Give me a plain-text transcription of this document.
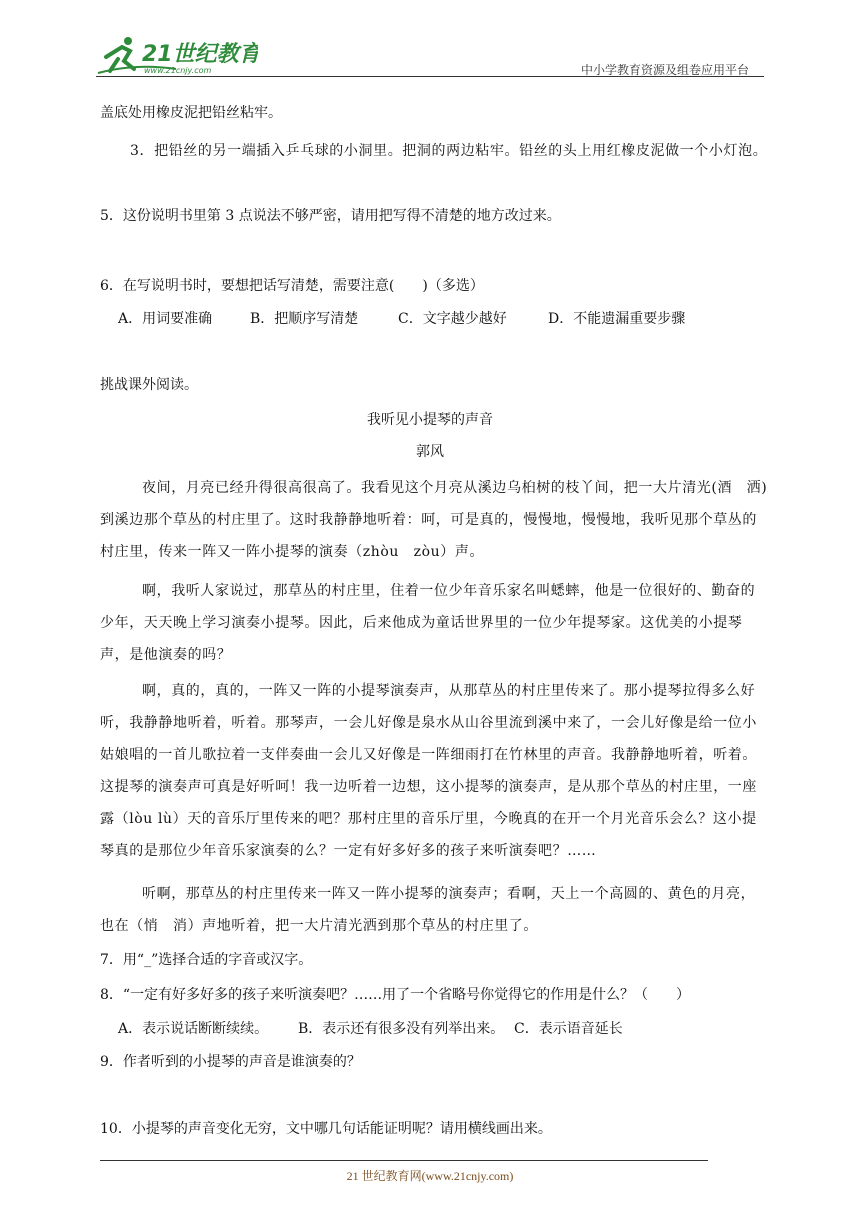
21世纪教育
www.21cnjy.com	中小学教育资源及组卷应用平台
盖底处用橡皮泥把铅丝粘牢。
3．把铅丝的另一端插入乒乓球的小洞里。把洞的两边粘牢。铅丝的头上用红橡皮泥做一个小灯泡。
5．这份说明书里第 3 点说法不够严密，请用把写得不清楚的地方改过来。
6．在写说明书时，要想把话写清楚，需要注意(　　)（多选）
A．用词要准确	B．把顺序写清楚	C．文字越少越好	D．不能遗漏重要步骤
挑战课外阅读。
我听见小提琴的声音
郭风
夜间，月亮已经升得很高很高了。我看见这个月亮从溪边乌桕树的枝丫间，把一大片清光(酒　洒)到溪边那个草丛的村庄里了。这时我静静地听着：呵，可是真的，慢慢地，慢慢地，我听见那个草丛的村庄里，传来一阵又一阵小提琴的演奏（zhòu　zòu）声。
啊，我听人家说过，那草丛的村庄里，住着一位少年音乐家名叫蟋蟀，他是一位很好的、勤奋的少年，天天晚上学习演奏小提琴。因此，后来他成为童话世界里的一位少年提琴家。这优美的小提琴声，是他演奏的吗？
啊，真的，真的，一阵又一阵的小提琴演奏声，从那草丛的村庄里传来了。那小提琴拉得多么好听，我静静地听着，听着。那琴声，一会儿好像是泉水从山谷里流到溪中来了，一会儿好像是给一位小姑娘唱的一首儿歌拉着一支伴奏曲一会儿又好像是一阵细雨打在竹林里的声音。我静静地听着，听着。这提琴的演奏声可真是好听呵！我一边听着一边想，这小提琴的演奏声，是从那个草丛的村庄里，一座露（lòu lù）天的音乐厅里传来的吧？那村庄里的音乐厅里，今晚真的在开一个月光音乐会么？这小提琴真的是那位少年音乐家演奏的么？一定有好多好多的孩子来听演奏吧？……
听啊，那草丛的村庄里传来一阵又一阵小提琴的演奏声；看啊，天上一个高圆的、黄色的月亮，也在（悄　消）声地听着，把一大片清光洒到那个草丛的村庄里了。
7．用“_”选择合适的字音或汉字。
8．“一定有好多好多的孩子来听演奏吧？……用了一个省略号你觉得它的作用是什么？（　　）
A．表示说话断断续续。 B．表示还有很多没有列举出来。 C．表示语音延长
9．作者听到的小提琴的声音是谁演奏的？
10．小提琴的声音变化无穷，文中哪几句话能证明呢？请用横线画出来。
21 世纪教育网(www.21cnjy.com)
